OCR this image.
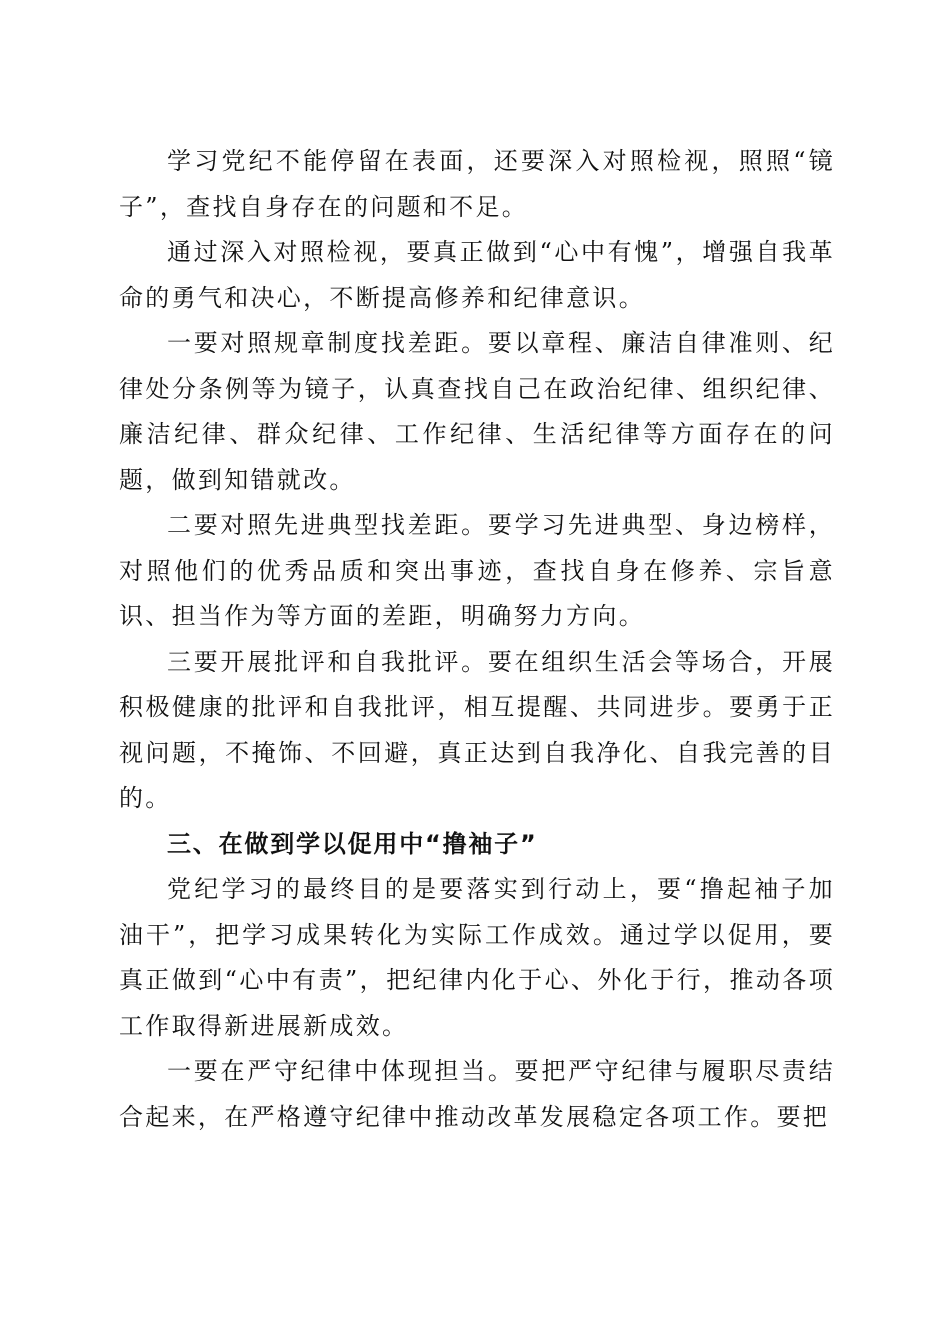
学习党纪不能停留在表面，还要深入对照检视，照照“镜子”，查找自身存在的问题和不足。

通过深入对照检视，要真正做到“心中有愧”，增强自我革命的勇气和决心，不断提高修养和纪律意识。

一要对照规章制度找差距。要以章程、廉洁自律准则、纪律处分条例等为镜子，认真查找自己在政治纪律、组织纪律、廉洁纪律、群众纪律、工作纪律、生活纪律等方面存在的问题，做到知错就改。

二要对照先进典型找差距。要学习先进典型、身边榜样，对照他们的优秀品质和突出事迹，查找自身在修养、宗旨意识、担当作为等方面的差距，明确努力方向。

三要开展批评和自我批评。要在组织生活会等场合，开展积极健康的批评和自我批评，相互提醒、共同进步。要勇于正视问题，不掩饰、不回避，真正达到自我净化、自我完善的目的。

三、在做到学以促用中“撸袖子”

党纪学习的最终目的是要落实到行动上，要“撸起袖子加油干”，把学习成果转化为实际工作成效。通过学以促用，要真正做到“心中有责”，把纪律内化于心、外化于行，推动各项工作取得新进展新成效。

一要在严守纪律中体现担当。要把严守纪律与履职尽责结合起来，在严格遵守纪律中推动改革发展稳定各项工作。要把
